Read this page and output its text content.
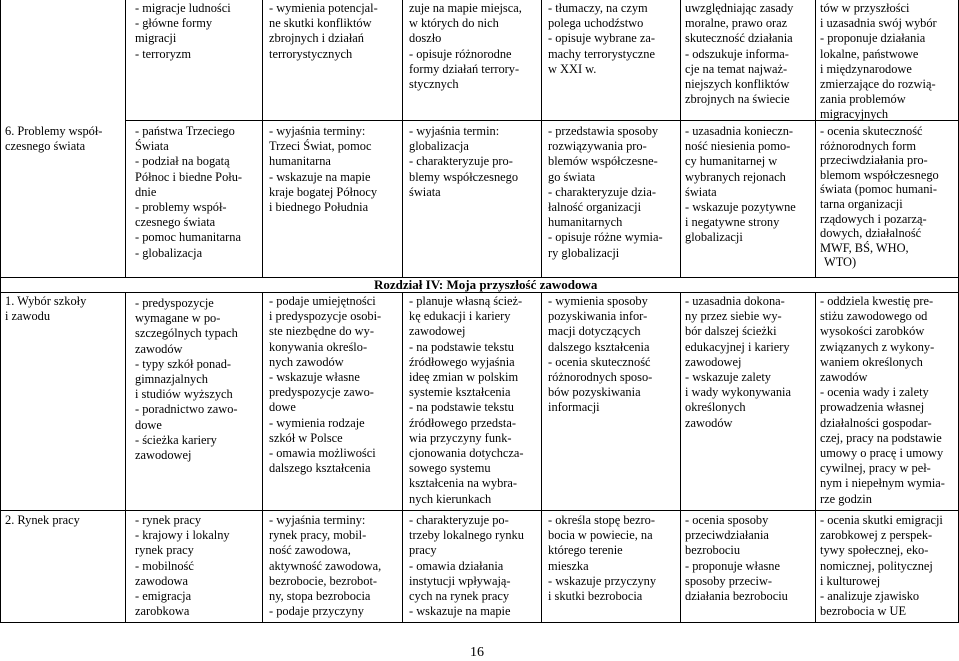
- migracje ludności
- główne formy
migracji
- terroryzm
- wymienia potencjal-
ne skutki konfliktów
zbrojnych i działań
terrorystycznych
zuje na mapie miejsca,
w których do nich
doszło
- opisuje różnorodne
formy działań terrory-
stycznych
- tłumaczy, na czym
polega uchodźstwo
- opisuje wybrane za-
machy terrorystyczne
w XXI w.
uwzględniając zasady
moralne, prawo oraz
skuteczność działania
- odszukuje informa-
cje na temat najważ-
niejszych konfliktów
zbrojnych na świecie
tów w przyszłości
i uzasadnia swój wybór
- proponuje działania
lokalne, państwowe
i międzynarodowe
zmierzające do rozwią-
zania problemów
migracyjnych
6. Problemy współ-
czesnego świata
- państwa Trzeciego
Świata
- podział na bogatą
Północ i biedne Połu-
dnie
- problemy współ-
czesnego świata
- pomoc humanitarna
- globalizacja
- wyjaśnia terminy:
Trzeci Świat, pomoc
humanitarna
- wskazuje na mapie
kraje bogatej Północy
i biednego Południa
- wyjaśnia termin:
globalizacja
- charakteryzuje pro-
blemy współczesnego
świata
- przedstawia sposoby
rozwiązywania pro-
blemów współczesne-
go świata
- charakteryzuje dzia-
łalność organizacji
humanitarnych
- opisuje różne wymia-
ry globalizacji
- uzasadnia konieczn-
ność niesienia pomo-
cy humanitarnej w
wybranych rejonach
świata
- wskazuje pozytywne
i negatywne strony
globalizacji
- ocenia skuteczność
różnorodnych form
przeciwdziałania pro-
blemom współczesnego
świata (pomoc humani-
tarna organizacji
rządowych i pozarzą-
dowych, działalność
MWF, BŚ, WHO,
WTO)
Rozdział IV: Moja przyszłość zawodowa
1. Wybór szkoły
i zawodu
- predyspozycje
wymagane w po-
szczególnych typach
zawodów
- typy szkół ponad-
gimnazjalnych
i studiów wyższych
- poradnictwo zawo-
dowe
- ścieżka kariery
zawodowej
- podaje umiejętności
i predyspozycje osobi-
ste niezbędne do wy-
konywania określo-
nych zawodów
- wskazuje własne
predyspozycje zawo-
dowe
- wymienia rodzaje
szkół w Polsce
- omawia możliwości
dalszego kształcenia
- planuje własną ścież-
kę edukacji i kariery
zawodowej
- na podstawie tekstu
źródłowego wyjaśnia
ideę zmian w polskim
systemie kształcenia
- na podstawie tekstu
źródłowego przedsta-
wia przyczyny funk-
cjonowania dotychcza-
sowego systemu
kształcenia na wybra-
nych kierunkach
- wymienia sposoby
pozyskiwania infor-
macji dotyczących
dalszego kształcenia
- ocenia skuteczność
różnorodnych sposo-
bów pozyskiwania
informacji
- uzasadnia dokona-
ny przez siebie wy-
bór dalszej ścieżki
edukacyjnej i kariery
zawodowej
- wskazuje zalety
i wady wykonywania
określonych
zawodów
- oddziela kwestię pre-
stiżu zawodowego od
wysokości zarobków
związanych z wykony-
waniem określonych
zawodów
- ocenia wady i zalety
prowadzenia własnej
działalności gospodar-
czej, pracy na podstawie
umowy o pracę i umowy
cywilnej, pracy w peł-
nym i niepełnym wymia-
rze godzin
2. Rynek pracy	- rynek pracy
- krajowy i lokalny
rynek pracy
- mobilność
zawodowa
- emigracja
zarobkowa
- wyjaśnia terminy:
rynek pracy, mobil-
ność zawodowa,
aktywność zawodowa,
bezrobocie, bezrobot-
ny, stopa bezrobocia
- podaje przyczyny
- charakteryzuje po-
trzeby lokalnego rynku
pracy
- omawia działania
instytucji wpływają-
cych na rynek pracy
- wskazuje na mapie
- określa stopę bezro-
bocia w powiecie, na
którego terenie
mieszka
- wskazuje przyczyny
i skutki bezrobocia
- ocenia sposoby
przeciwdziałania
bezrobociu
- proponuje własne
sposoby przeciw-
działania bezrobociu
- ocenia skutki emigracji
zarobkowej z perspek-
tywy społecznej, eko-
nomicznej, politycznej
i kulturowej
- analizuje zjawisko
bezrobocia w UE
16
